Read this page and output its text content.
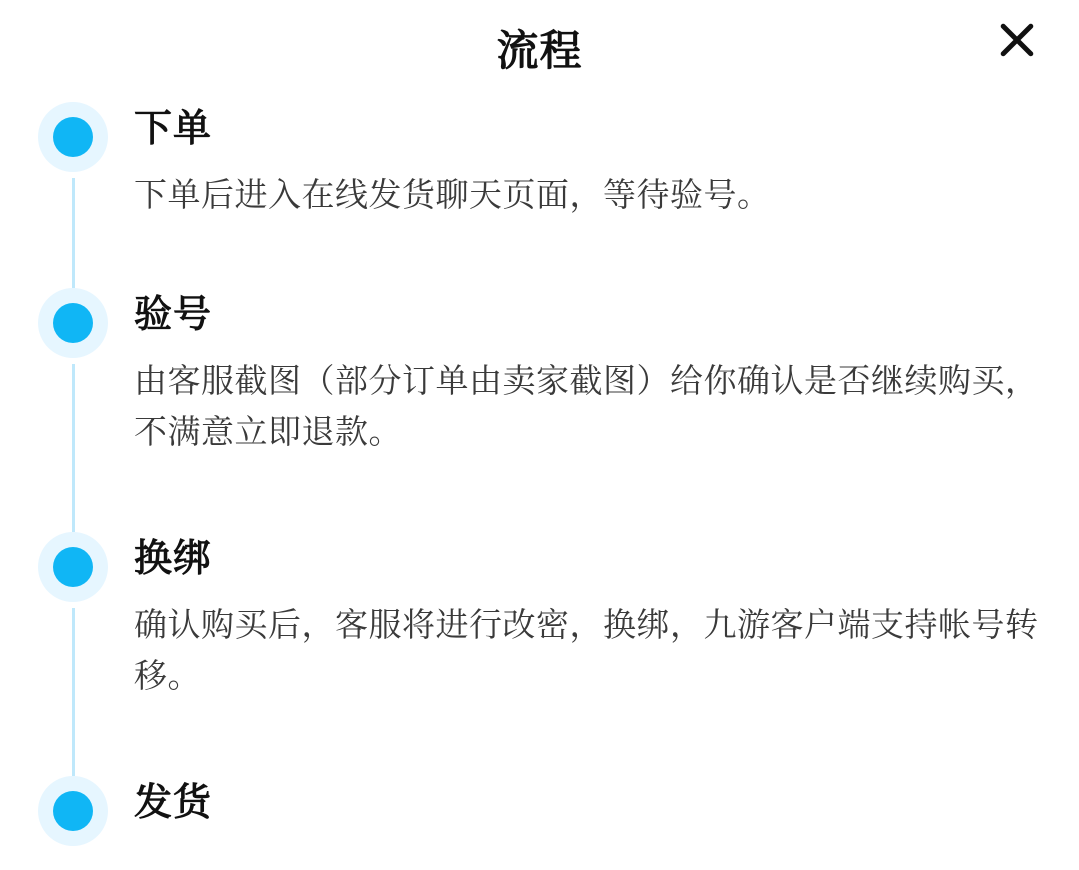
流程
下单
下单后进入在线发货聊天页面，等待验号。
验号
由客服截图（部分订单由卖家截图）给你确认是否继续购买，不满意立即退款。
换绑
确认购买后，客服将进行改密，换绑，九游客户端支持帐号转移。
发货
